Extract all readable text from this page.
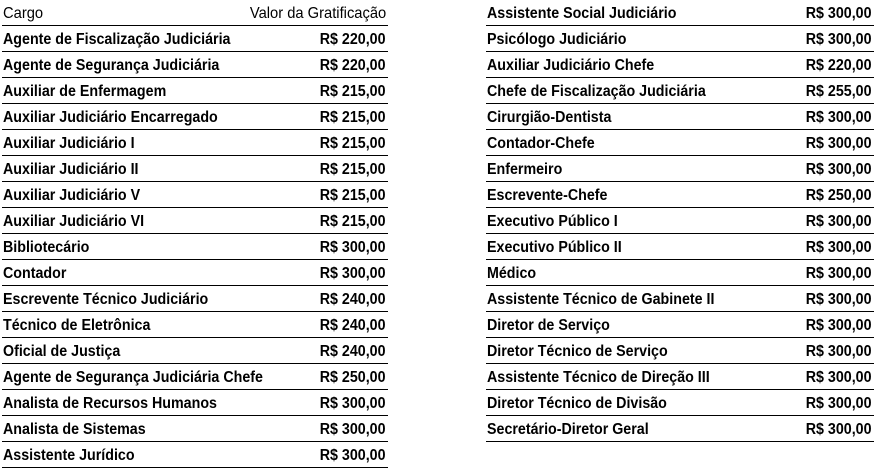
Cargo	Valor da Gratificação
Agente de Fiscalização Judiciária	R$ 220,00
Agente de Segurança Judiciária	R$ 220,00
Auxiliar de Enfermagem	R$ 215,00
Auxiliar Judiciário Encarregado	R$ 215,00
Auxiliar Judiciário I	R$ 215,00
Auxiliar Judiciário II	R$ 215,00
Auxiliar Judiciário V	R$ 215,00
Auxiliar Judiciário VI	R$ 215,00
Bibliotecário	R$ 300,00
Contador	R$ 300,00
Escrevente Técnico Judiciário	R$ 240,00
Técnico de Eletrônica	R$ 240,00
Oficial de Justiça	R$ 240,00
Agente de Segurança Judiciária Chefe	R$ 250,00
Analista de Recursos Humanos	R$ 300,00
Analista de Sistemas	R$ 300,00
Assistente Jurídico	R$ 300,00
Assistente Social Judiciário	R$ 300,00
Psicólogo Judiciário	R$ 300,00
Auxiliar Judiciário Chefe	R$ 220,00
Chefe de Fiscalização Judiciária	R$ 255,00
Cirurgião-Dentista	R$ 300,00
Contador-Chefe	R$ 300,00
Enfermeiro	R$ 300,00
Escrevente-Chefe	R$ 250,00
Executivo Público I	R$ 300,00
Executivo Público II	R$ 300,00
Médico	R$ 300,00
Assistente Técnico de Gabinete II	R$ 300,00
Diretor de Serviço	R$ 300,00
Diretor Técnico de Serviço	R$ 300,00
Assistente Técnico de Direção III	R$ 300,00
Diretor Técnico de Divisão	R$ 300,00
Secretário-Diretor Geral	R$ 300,00
